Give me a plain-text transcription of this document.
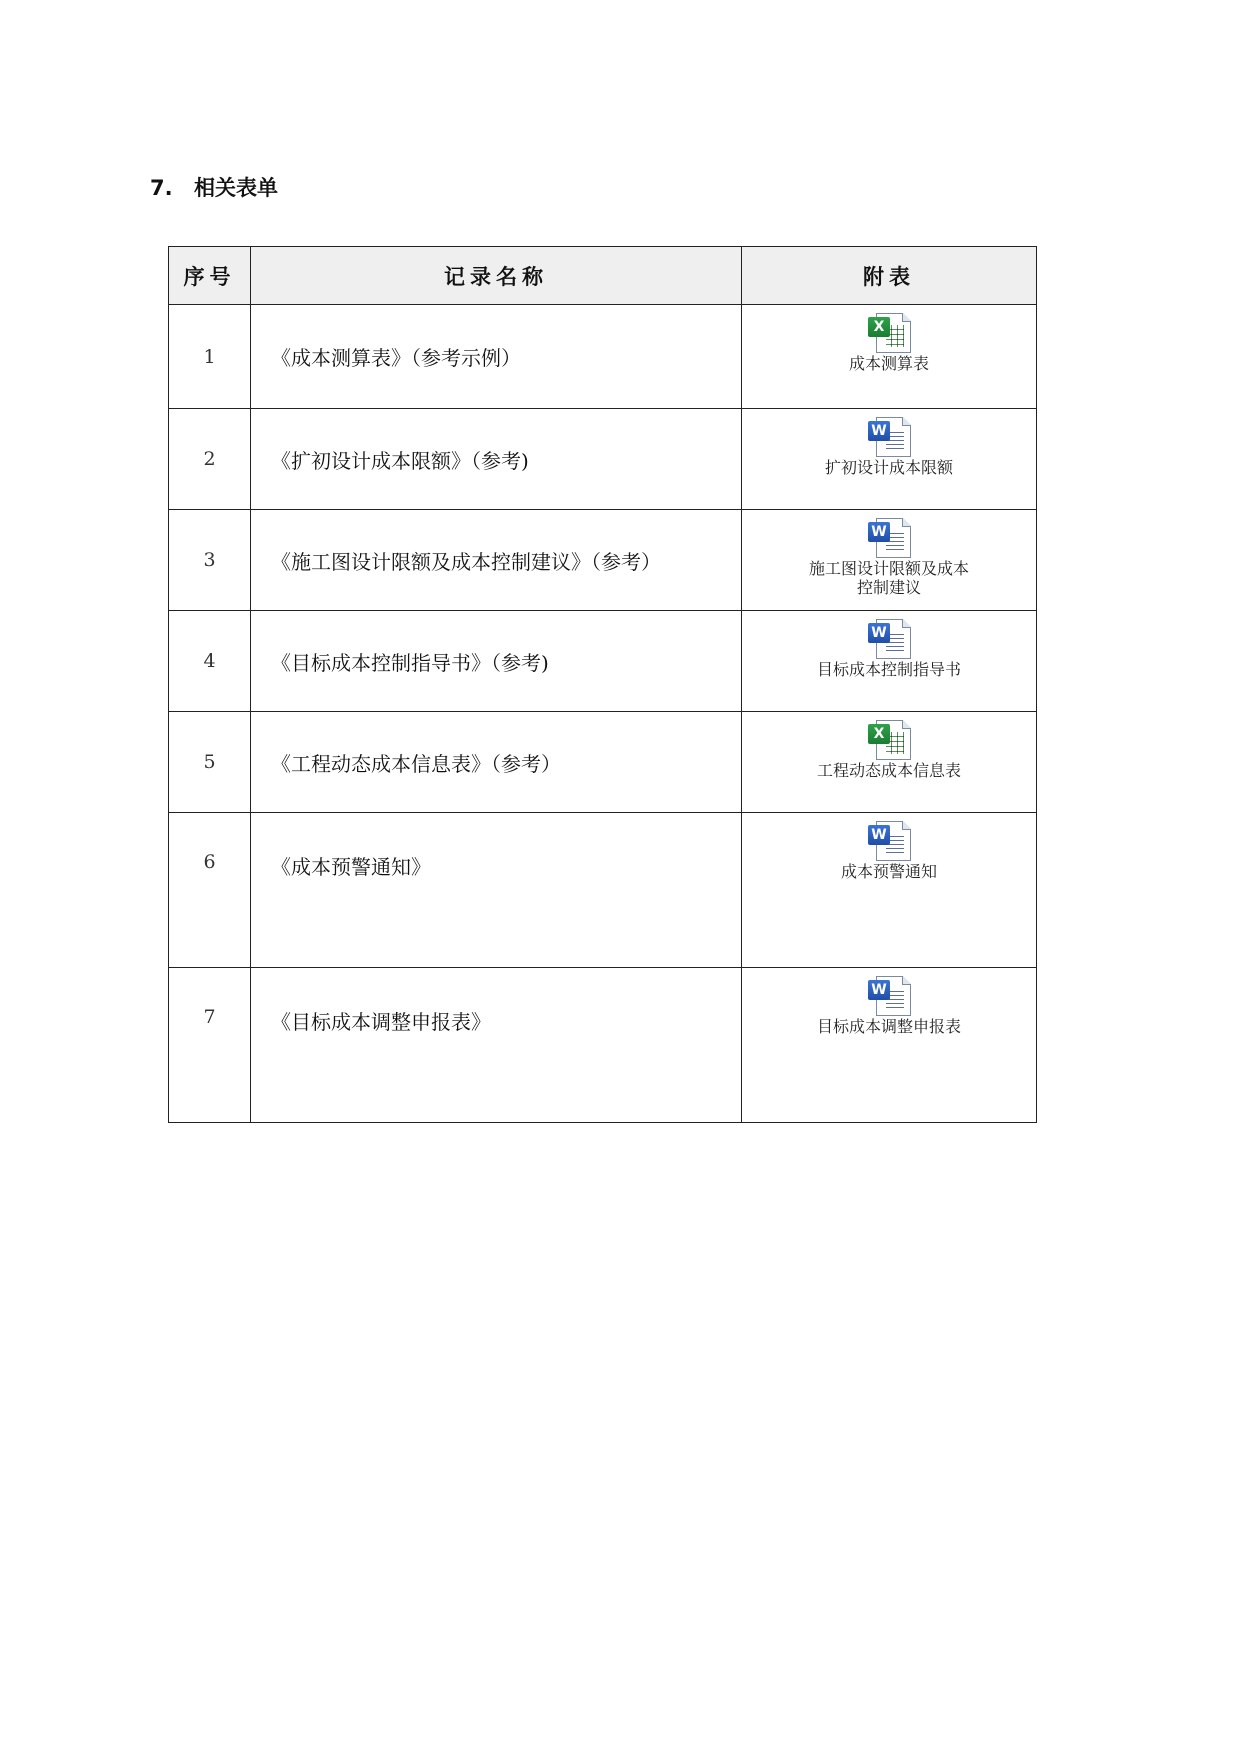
7. 相关表单
序号	记录名称	附表
1	《成本测算表》（参考示例）	X
成本测算表

2	《扩初设计成本限额》（参考)	W
扩初设计成本限额

3	《施工图设计限额及成本控制建议》（参考）	W
施工图设计限额及成本控制建议

4	《目标成本控制指导书》（参考)	W
目标成本控制指导书

5	《工程动态成本信息表》（参考）	X
工程动态成本信息表

6	《成本预警通知》	W
成本预警通知

7	《目标成本调整申报表》	W
目标成本调整申报表
